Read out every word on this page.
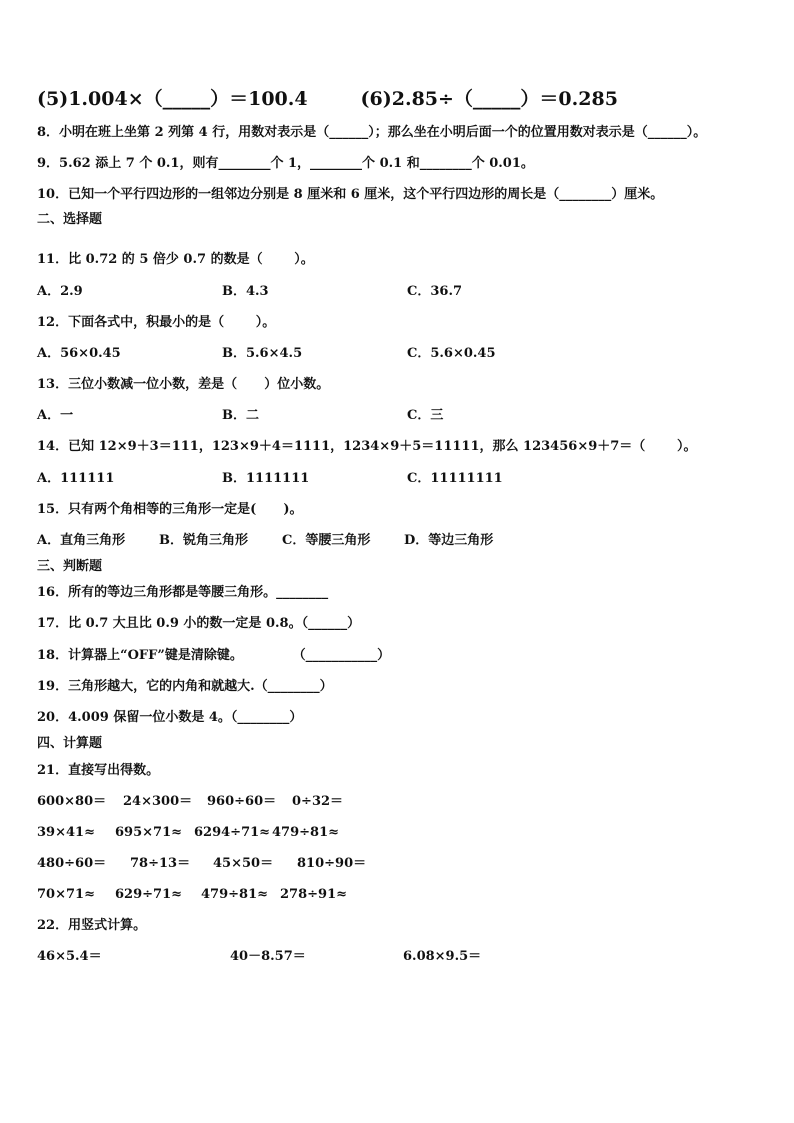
(5)1.004×（_____）＝100.4        (6)2.85÷（_____）＝0.285
8．小明在班上坐第 2 列第 4 行，用数对表示是（______）；那么坐在小明后面一个的位置用数对表示是（______）。
9．5.62 添上 7 个 0.1，则有________个 1，________个 0.1 和________个 0.01。
10．已知一个平行四边形的一组邻边分别是 8 厘米和 6 厘米，这个平行四边形的周长是（________）厘米。
二、选择题
11．比 0.72 的 5 倍少 0.7 的数是（       ）。
A．2.9	B．4.3	C．36.7
12．下面各式中，积最小的是（       ）。
A．56×0.45	B．5.6×4.5	C．5.6×0.45
13．三位小数减一位小数，差是（      ）位小数。
A．一	B．二	C．三
14．已知 12×9＋3＝111，123×9＋4＝1111，1234×9＋5＝11111，那么 123456×9＋7＝（       ）。
A．111111	B．1111111	C．11111111
15．只有两个角相等的三角形一定是(      )。
A．直角三角形	B．锐角三角形	C．等腰三角形	D．等边三角形
三、判断题
16．所有的等边三角形都是等腰三角形。________
17．比 0.7 大且比 0.9 小的数一定是 0.8。（______）
18．计算器上“OFF”键是清除键。           （___________）
19．三角形越大，它的内角和就越大.（________）
20．4.009 保留一位小数是 4。（________）
四、计算题
21．直接写出得数。
600×80＝ 24×300＝ 960÷60＝ 0÷32＝
39×41≈ 695×71≈ 6294÷71≈ 479÷81≈
480÷60＝ 78÷13＝ 45×50＝ 810÷90＝
70×71≈ 629÷71≈ 479÷81≈ 278÷91≈
22．用竖式计算。
46×5.4＝	40－8.57＝	6.08×9.5＝
